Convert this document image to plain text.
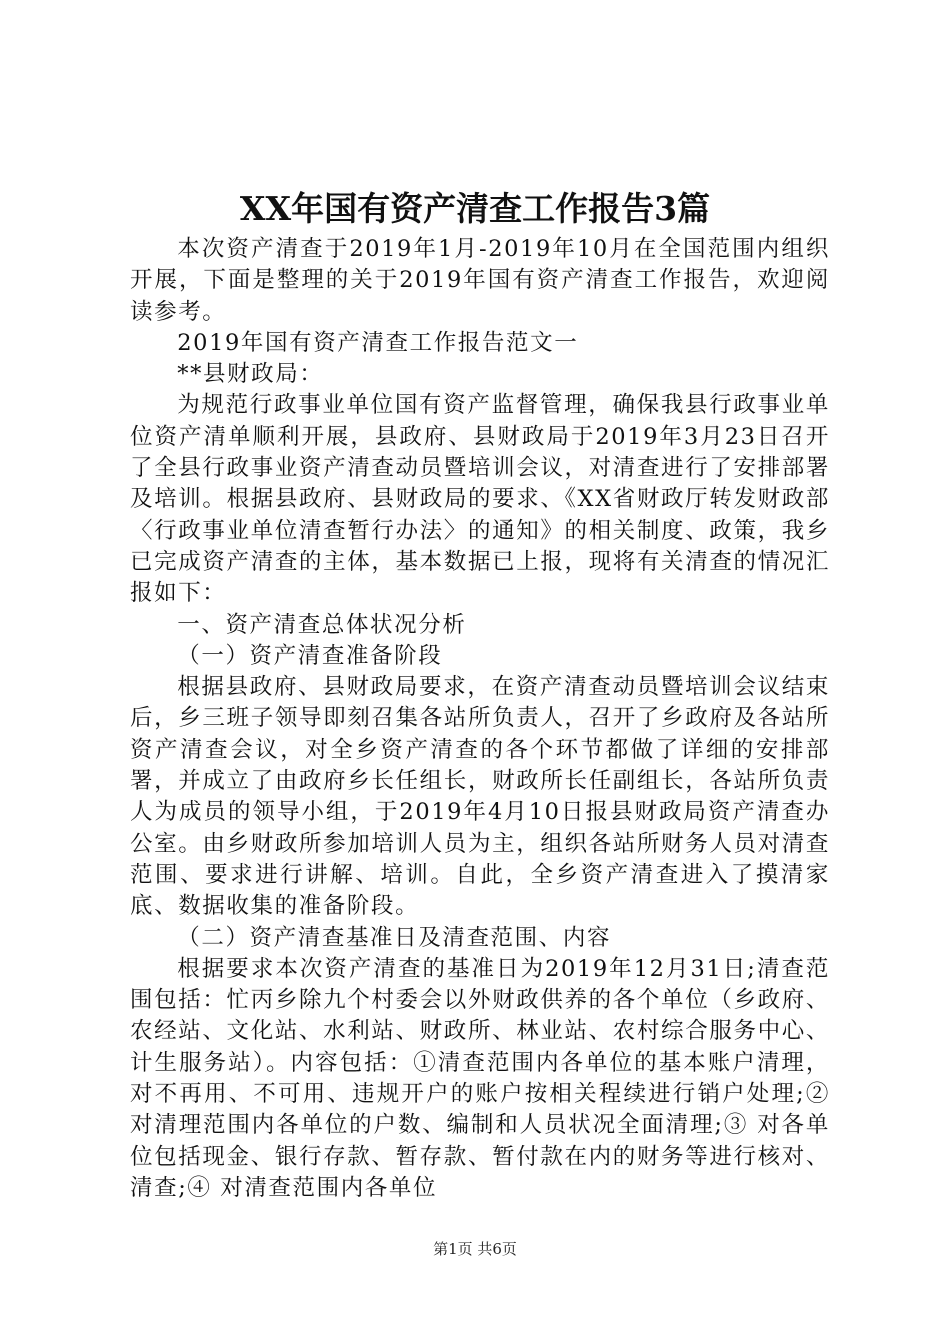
XX年国有资产清查工作报告3篇

本次资产清查于2019年1月-2019年10月在全国范围内组织开展，下面是整理的关于2019年国有资产清查工作报告，欢迎阅读参考。

2019年国有资产清查工作报告范文一

**县财政局：

为规范行政事业单位国有资产监督管理，确保我县行政事业单位资产清单顺利开展，县政府、县财政局于2019年3月23日召开了全县行政事业资产清查动员暨培训会议，对清查进行了安排部署及培训。根据县政府、县财政局的要求、《XX省财政厅转发财政部〈行政事业单位清查暂行办法〉的通知》的相关制度、政策，我乡已完成资产清查的主体，基本数据已上报，现将有关清查的情况汇报如下：

一、资产清查总体状况分析

（一）资产清查准备阶段

根据县政府、县财政局要求，在资产清查动员暨培训会议结束后，乡三班子领导即刻召集各站所负责人，召开了乡政府及各站所资产清查会议，对全乡资产清查的各个环节都做了详细的安排部署，并成立了由政府乡长任组长，财政所长任副组长，各站所负责人为成员的领导小组，于2019年4月10日报县财政局资产清查办公室。由乡财政所参加培训人员为主，组织各站所财务人员对清查范围、要求进行讲解、培训。自此，全乡资产清查进入了摸清家底、数据收集的准备阶段。

（二）资产清查基准日及清查范围、内容

根据要求本次资产清查的基准日为2019年12月31日;清查范围包括：忙丙乡除九个村委会以外财政供养的各个单位（乡政府、农经站、文化站、水利站、财政所、林业站、农村综合服务中心、计生服务站）。内容包括：①清查范围内各单位的基本账户清理，对不再用、不可用、违规开户的账户按相关程续进行销户处理;② 对清理范围内各单位的户数、编制和人员状况全面清理;③ 对各单位包括现金、银行存款、暂存款、暂付款在内的财务等进行核对、清查;④ 对清查范围内各单位

第1页 共6页
